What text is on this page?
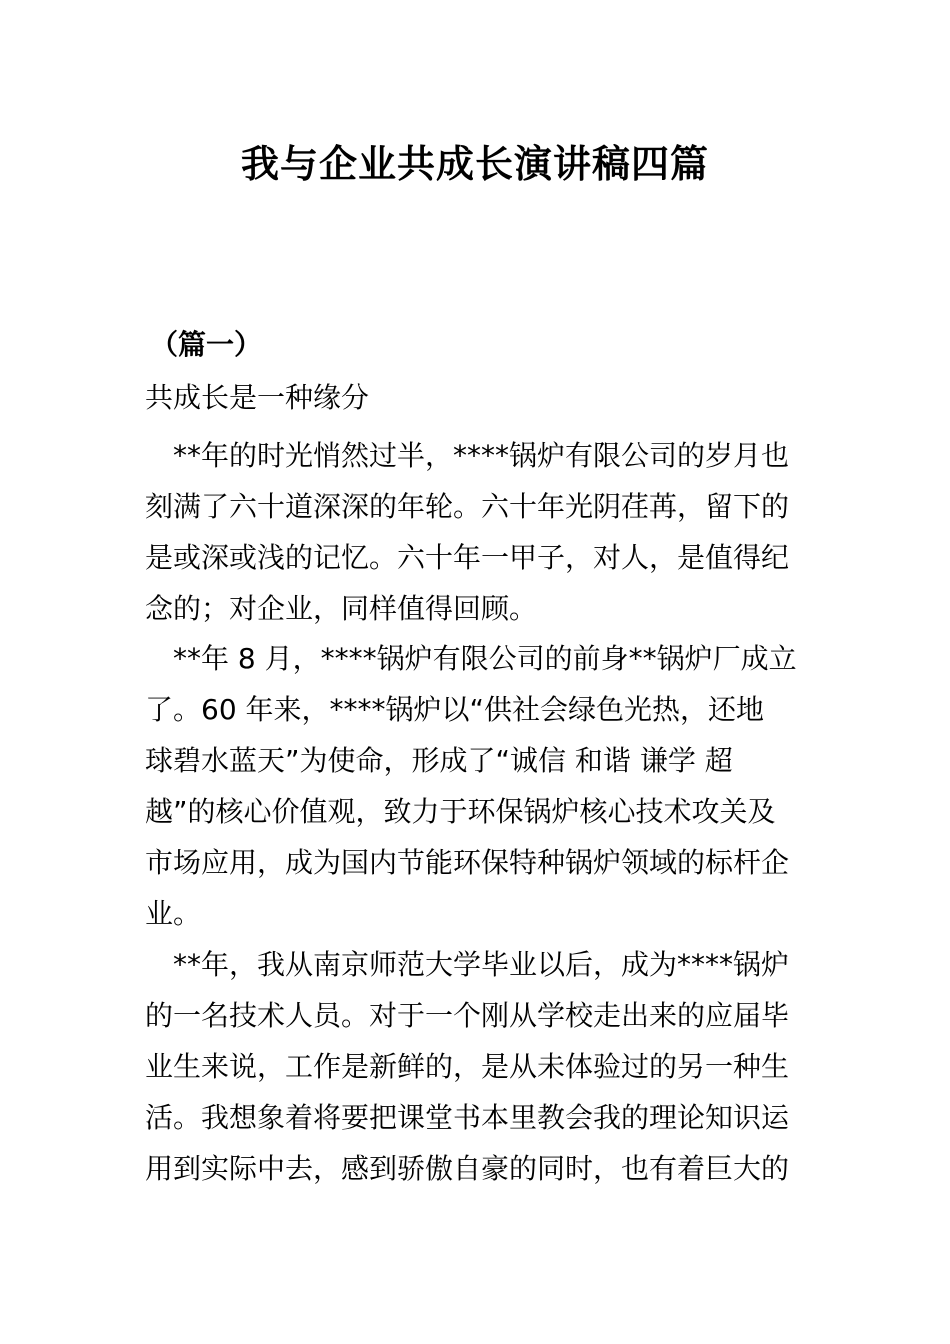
我与企业共成长演讲稿四篇
（篇一）
共成长是一种缘分
**年的时光悄然过半，****锅炉有限公司的岁月也
刻满了六十道深深的年轮。六十年光阴荏苒，留下的
是或深或浅的记忆。六十年一甲子，对人，是值得纪
念的；对企业，同样值得回顾。
**年 8 月，****锅炉有限公司的前身**锅炉厂成立
了。60 年来，****锅炉以“供社会绿色光热，还地
球碧水蓝天”为使命，形成了“诚信 和谐 谦学 超
越”的核心价值观，致力于环保锅炉核心技术攻关及
市场应用，成为国内节能环保特种锅炉领域的标杆企
业。
**年，我从南京师范大学毕业以后，成为****锅炉
的一名技术人员。对于一个刚从学校走出来的应届毕
业生来说，工作是新鲜的，是从未体验过的另一种生
活。我想象着将要把课堂书本里教会我的理论知识运
用到实际中去，感到骄傲自豪的同时，也有着巨大的
